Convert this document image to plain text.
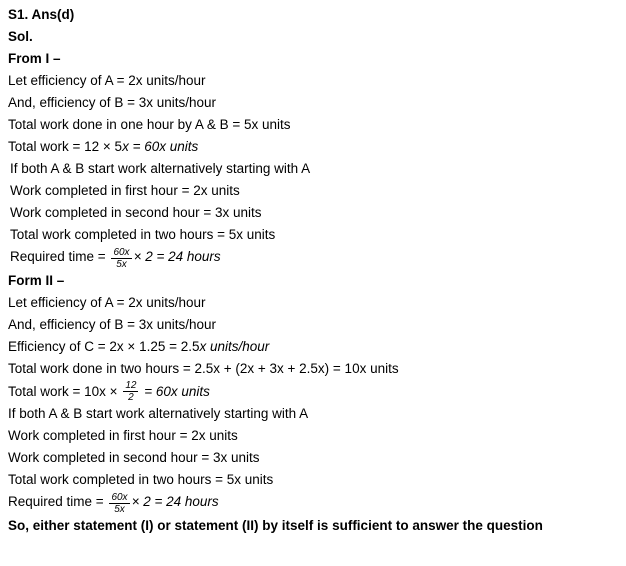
S1. Ans(d)
Sol.
From I –
Let efficiency of A = 2x units/hour
And, efficiency of B = 3x units/hour
Total work done in one hour by A & B = 5x units
Total work = 12 × 5x = 60x units
If both A & B start work alternatively starting with A
Work completed in first hour = 2x units
Work completed in second hour = 3x units
Total work completed in two hours = 5x units
Required time = $\frac{60x}{5x} \times 2 = 24$ hours
Form II –
Let efficiency of A = 2x units/hour
And, efficiency of B = 3x units/hour
Efficiency of C = 2x × 1.25 = 2.5x units/hour
Total work done in two hours = 2.5x + (2x + 3x + 2.5x) = 10x units
Total work = $10x \times \frac{12}{2} = 60x$ units
If both A & B start work alternatively starting with A
Work completed in first hour = 2x units
Work completed in second hour = 3x units
Total work completed in two hours = 5x units
Required time = $\frac{60x}{5x} \times 2 = 24$ hours
So, either statement (I) or statement (II) by itself is sufficient to answer the question
